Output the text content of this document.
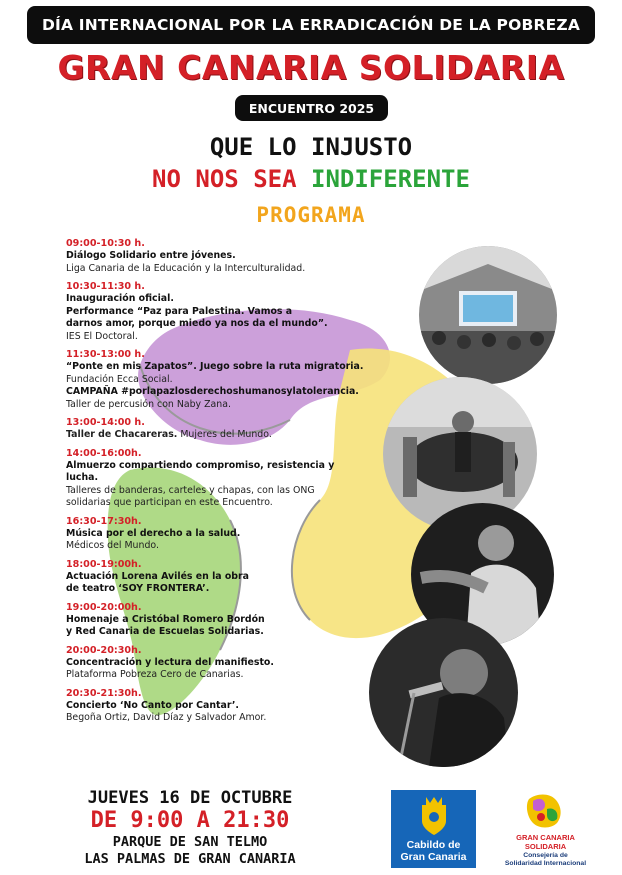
DÍA INTERNACIONAL POR LA ERRADICACIÓN DE LA POBREZA
GRAN CANARIA SOLIDARIA
ENCUENTRO 2025
QUE LO INJUSTO
NO NOS SEA INDIFERENTE
PROGRAMA
09:00-10:30 h.
Diálogo Solidario entre jóvenes.
Liga Canaria de la Educación y la Interculturalidad.
10:30-11:30 h.
Inauguración oficial.
Performance “Paz para Palestina. Vamos a
darnos amor, porque miedo ya nos da el mundo”.
IES El Doctoral.
11:30-13:00 h.
“Ponte en mis Zapatos”. Juego sobre la ruta migratoria.
Fundación Ecca Social.
CAMPAÑA #porlapazlosderechoshumanosylatolerancia.
Taller de percusión con Naby Zana.
13:00-14:00 h.
Taller de Chacareras. Mujeres del Mundo.
14:00-16:00h.
Almuerzo compartiendo compromiso, resistencia y
lucha.
Talleres de banderas, carteles y chapas, con las ONG
solidarias que participan en este Encuentro.
16:30-17:30h.
Música por el derecho a la salud.
Médicos del Mundo.
18:00-19:00h.
Actuación Lorena Avilés en la obra
de teatro ‘SOY FRONTERA’.
19:00-20:00h.
Homenaje a Cristóbal Romero Bordón
y Red Canaria de Escuelas Solidarias.
20:00-20:30h.
Concentración y lectura del manifiesto.
Plataforma Pobreza Cero de Canarias.
20:30-21:30h.
Concierto ‘No Canto por Cantar’.
Begoña Ortiz, David Díaz y Salvador Amor.
JUEVES 16 DE OCTUBRE
DE 9:00 A 21:30
PARQUE DE SAN TELMO
LAS PALMAS DE GRAN CANARIA
Cabildo de
Gran Canaria
GRAN CANARIA
SOLIDARIA
Consejería de
Solidaridad Internacional
